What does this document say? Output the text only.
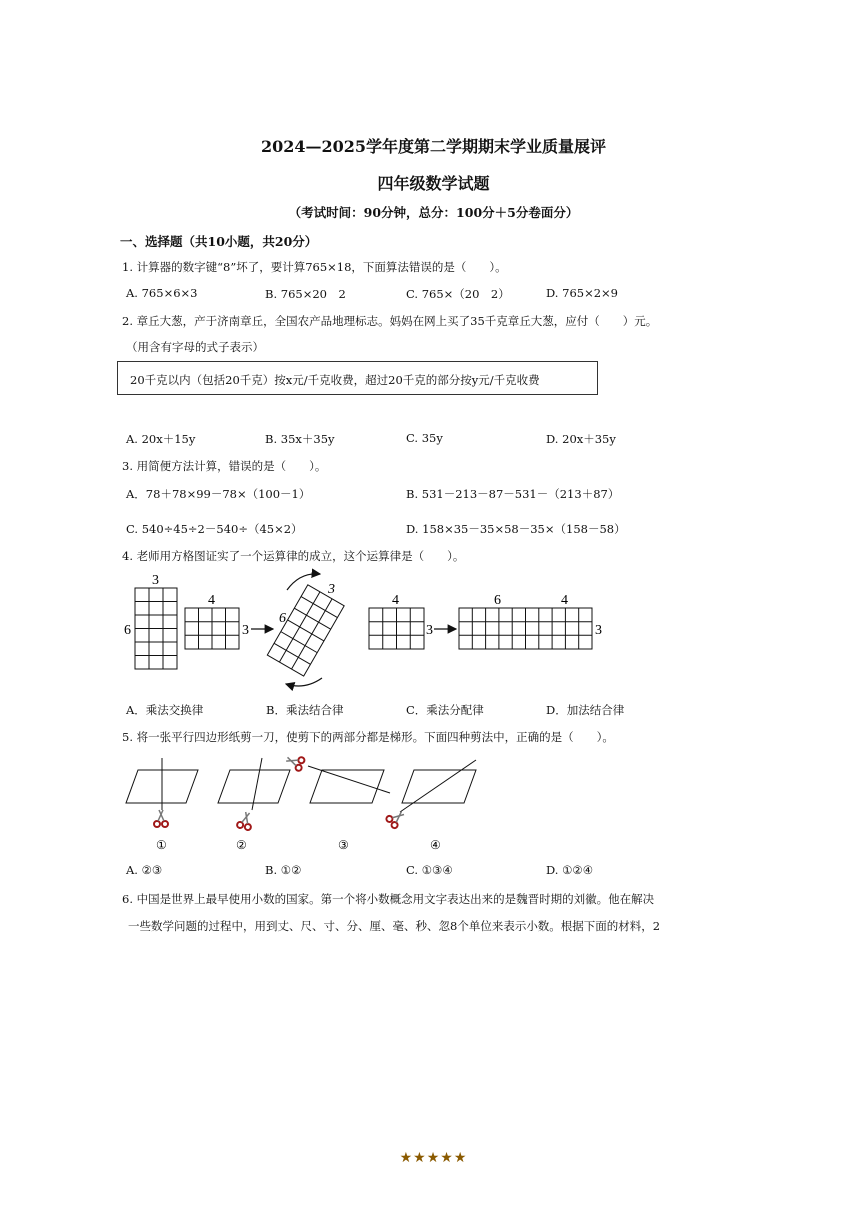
2024—2025学年度第二学期期末学业质量展评
四年级数学试题
（考试时间：90分钟，总分：100分＋5分卷面分）
一、选择题（共10小题，共20分）
1. 计算器的数字键“8”坏了，要计算765×18，下面算法错误的是（　　）。
A. 765×6×3	B. 765×20　2	C. 765×（20　2）	D. 765×2×9
2. 章丘大葱，产于济南章丘，全国农产品地理标志。妈妈在网上买了35千克章丘大葱，应付（　　）元。
（用含有字母的式子表示）
20千克以内（包括20千克）按x元/千克收费，超过20千克的部分按y元/千克收费
A. 20x＋15y	B. 35x＋35y	C. 35y	D. 20x＋35y
3. 用简便方法计算，错误的是（　　）。
A．78＋78×99－78×（100－1）	B. 531－213－87－531－（213＋87）
C. 540÷45÷2－540÷（45×2）	D. 158×35－35×58－35×（158－58）
4. 老师用方格图证实了一个运算律的成立，这个运算律是（　　）。
3
6
4
3
3
6
4
3
6	4
3
A．乘法交换律	B．乘法结合律	C．乘法分配律	D．加法结合律
5. 将一张平行四边形纸剪一刀，使剪下的两部分都是梯形。下面四种剪法中，正确的是（　　）。
①	②	③	④
A. ②③	B. ①②	C. ①③④	D. ①②④
6. 中国是世界上最早使用小数的国家。第一个将小数概念用文字表达出来的是魏晋时期的刘徽。他在解决
一些数学问题的过程中，用到丈、尺、寸、分、厘、毫、秒、忽8个单位来表示小数。根据下面的材料，2
★★★★★
